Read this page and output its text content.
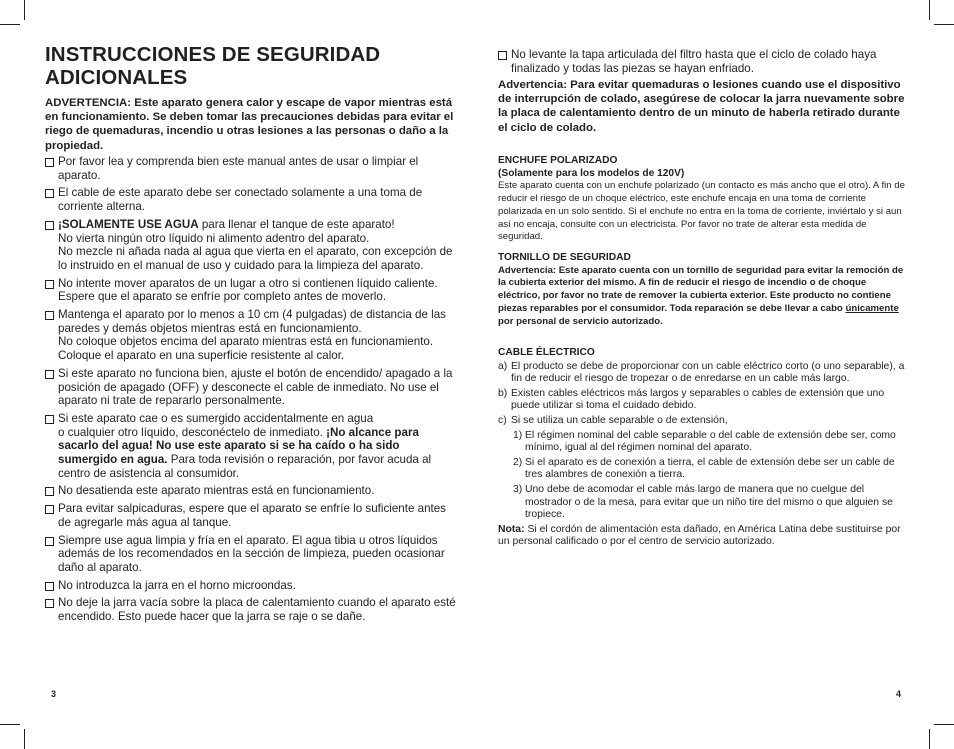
INSTRUCCIONES DE SEGURIDAD
ADICIONALES

ADVERTENCIA: Este aparato genera calor y escape de vapor mientras está en funcionamiento. Se deben tomar las precauciones debidas para evitar el riego de quemaduras, incendio u otras lesiones a las personas o daño a la propiedad.

Por favor lea y comprenda bien este manual antes de usar o limpiar el aparato.
El cable de este aparato debe ser conectado solamente a una toma de corriente alterna.
¡SOLAMENTE USE AGUA para llenar el tanque de este aparato!
No vierta ningún otro líquido ni alimento adentro del aparato.
No mezcle ni añada nada al agua que vierta en el aparato, con excepción de lo instruido en el manual de uso y cuidado para la limpieza del aparato.
No intente mover aparatos de un lugar a otro si contienen líquido caliente. Espere que el aparato se enfríe por completo antes de moverlo.
Mantenga el aparato por lo menos a 10 cm (4 pulgadas) de distancia de las paredes y demás objetos mientras está en funcionamiento.
No coloque objetos encima del aparato mientras está en funcionamiento. Coloque el aparato en una superficie resistente al calor.
Si este aparato no funciona bien, ajuste el botón de encendido/ apagado a la posición de apagado (OFF) y desconecte el cable de inmediato. No use el aparato ni trate de repararlo personalmente.
Si este aparato cae o es sumergido accidentalmente en agua
o cualquier otro líquido, desconéctelo de inmediato. ¡No alcance para sacarlo del agua! No use este aparato si se ha caído o ha sido sumergido en agua. Para toda revisión o reparación, por favor acuda al centro de asistencia al consumidor.
No desatienda este aparato mientras está en funcionamiento.
Para evitar salpicaduras, espere que el aparato se enfríe lo suficiente antes de agregarle más agua al tanque.
Siempre use agua limpia y fría en el aparato. El agua tibia u otros líquidos además de los recomendados en la sección de limpieza, pueden ocasionar daño al aparato.
No introduzca la jarra en el horno microondas.
No deje la jarra vacía sobre la placa de calentamiento cuando el aparato esté encendido. Esto puede hacer que la jarra se raje o se dañe.
3
No levante la tapa articulada del filtro hasta que el ciclo de colado haya finalizado y todas las piezas se hayan enfriado.

Advertencia: Para evitar quemaduras o lesiones cuando use el dispositivo de interrupción de colado, asegúrese de colocar la jarra nuevamente sobre la placa de calentamiento dentro de un minuto de haberla retirado durante el ciclo de colado.

ENCHUFE POLARIZADO

(Solamente para los modelos de 120V)

Este aparato cuenta con un enchufe polarizado (un contacto es más ancho que el otro). A fin de reducir el riesgo de un choque eléctrico, este enchufe encaja en una toma de corriente polarizada en un solo sentido. Si el enchufe no entra en la toma de corriente, inviértalo y si aun así no encaja, consulte con un electricista. Por favor no trate de alterar esta medida de seguridad.

TORNILLO DE SEGURIDAD

Advertencia: Este aparato cuenta con un tornillo de seguridad para evitar la remoción de la cubierta exterior del mismo. A fin de reducir el riesgo de incendio o de choque eléctrico, por favor no trate de remover la cubierta exterior. Este producto no contiene piezas reparables por el consumidor. Toda reparación se debe llevar a cabo únicamente por personal de servicio autorizado.

CABLE ÉLECTRICO

a) El producto se debe de proporcionar con un cable eléctrico corto (o uno separable), a fin de reducir el riesgo de tropezar o de enredarse en un cable más largo.

b) Existen cables eléctricos más largos y separables o cables de extensión que uno puede utilizar si toma el cuidado debido.

c) Si se utiliza un cable separable o de extensión,

1) El régimen nominal del cable separable o del cable de extensión debe ser, como mínimo, igual al del régimen nominal del aparato.

2) Si el aparato es de conexión a tierra, el cable de extensión debe ser un cable de tres alambres de conexión a tierra.

3) Uno debe de acomodar el cable más largo de manera que no cuelgue del mostrador o de la mesa, para evitar que un niño tire del mismo o que alguien se tropiece.

Nota: Si el cordón de alimentación esta dañado, en América Latina debe sustituirse por un personal calificado o por el centro de servicio autorizado.

4
